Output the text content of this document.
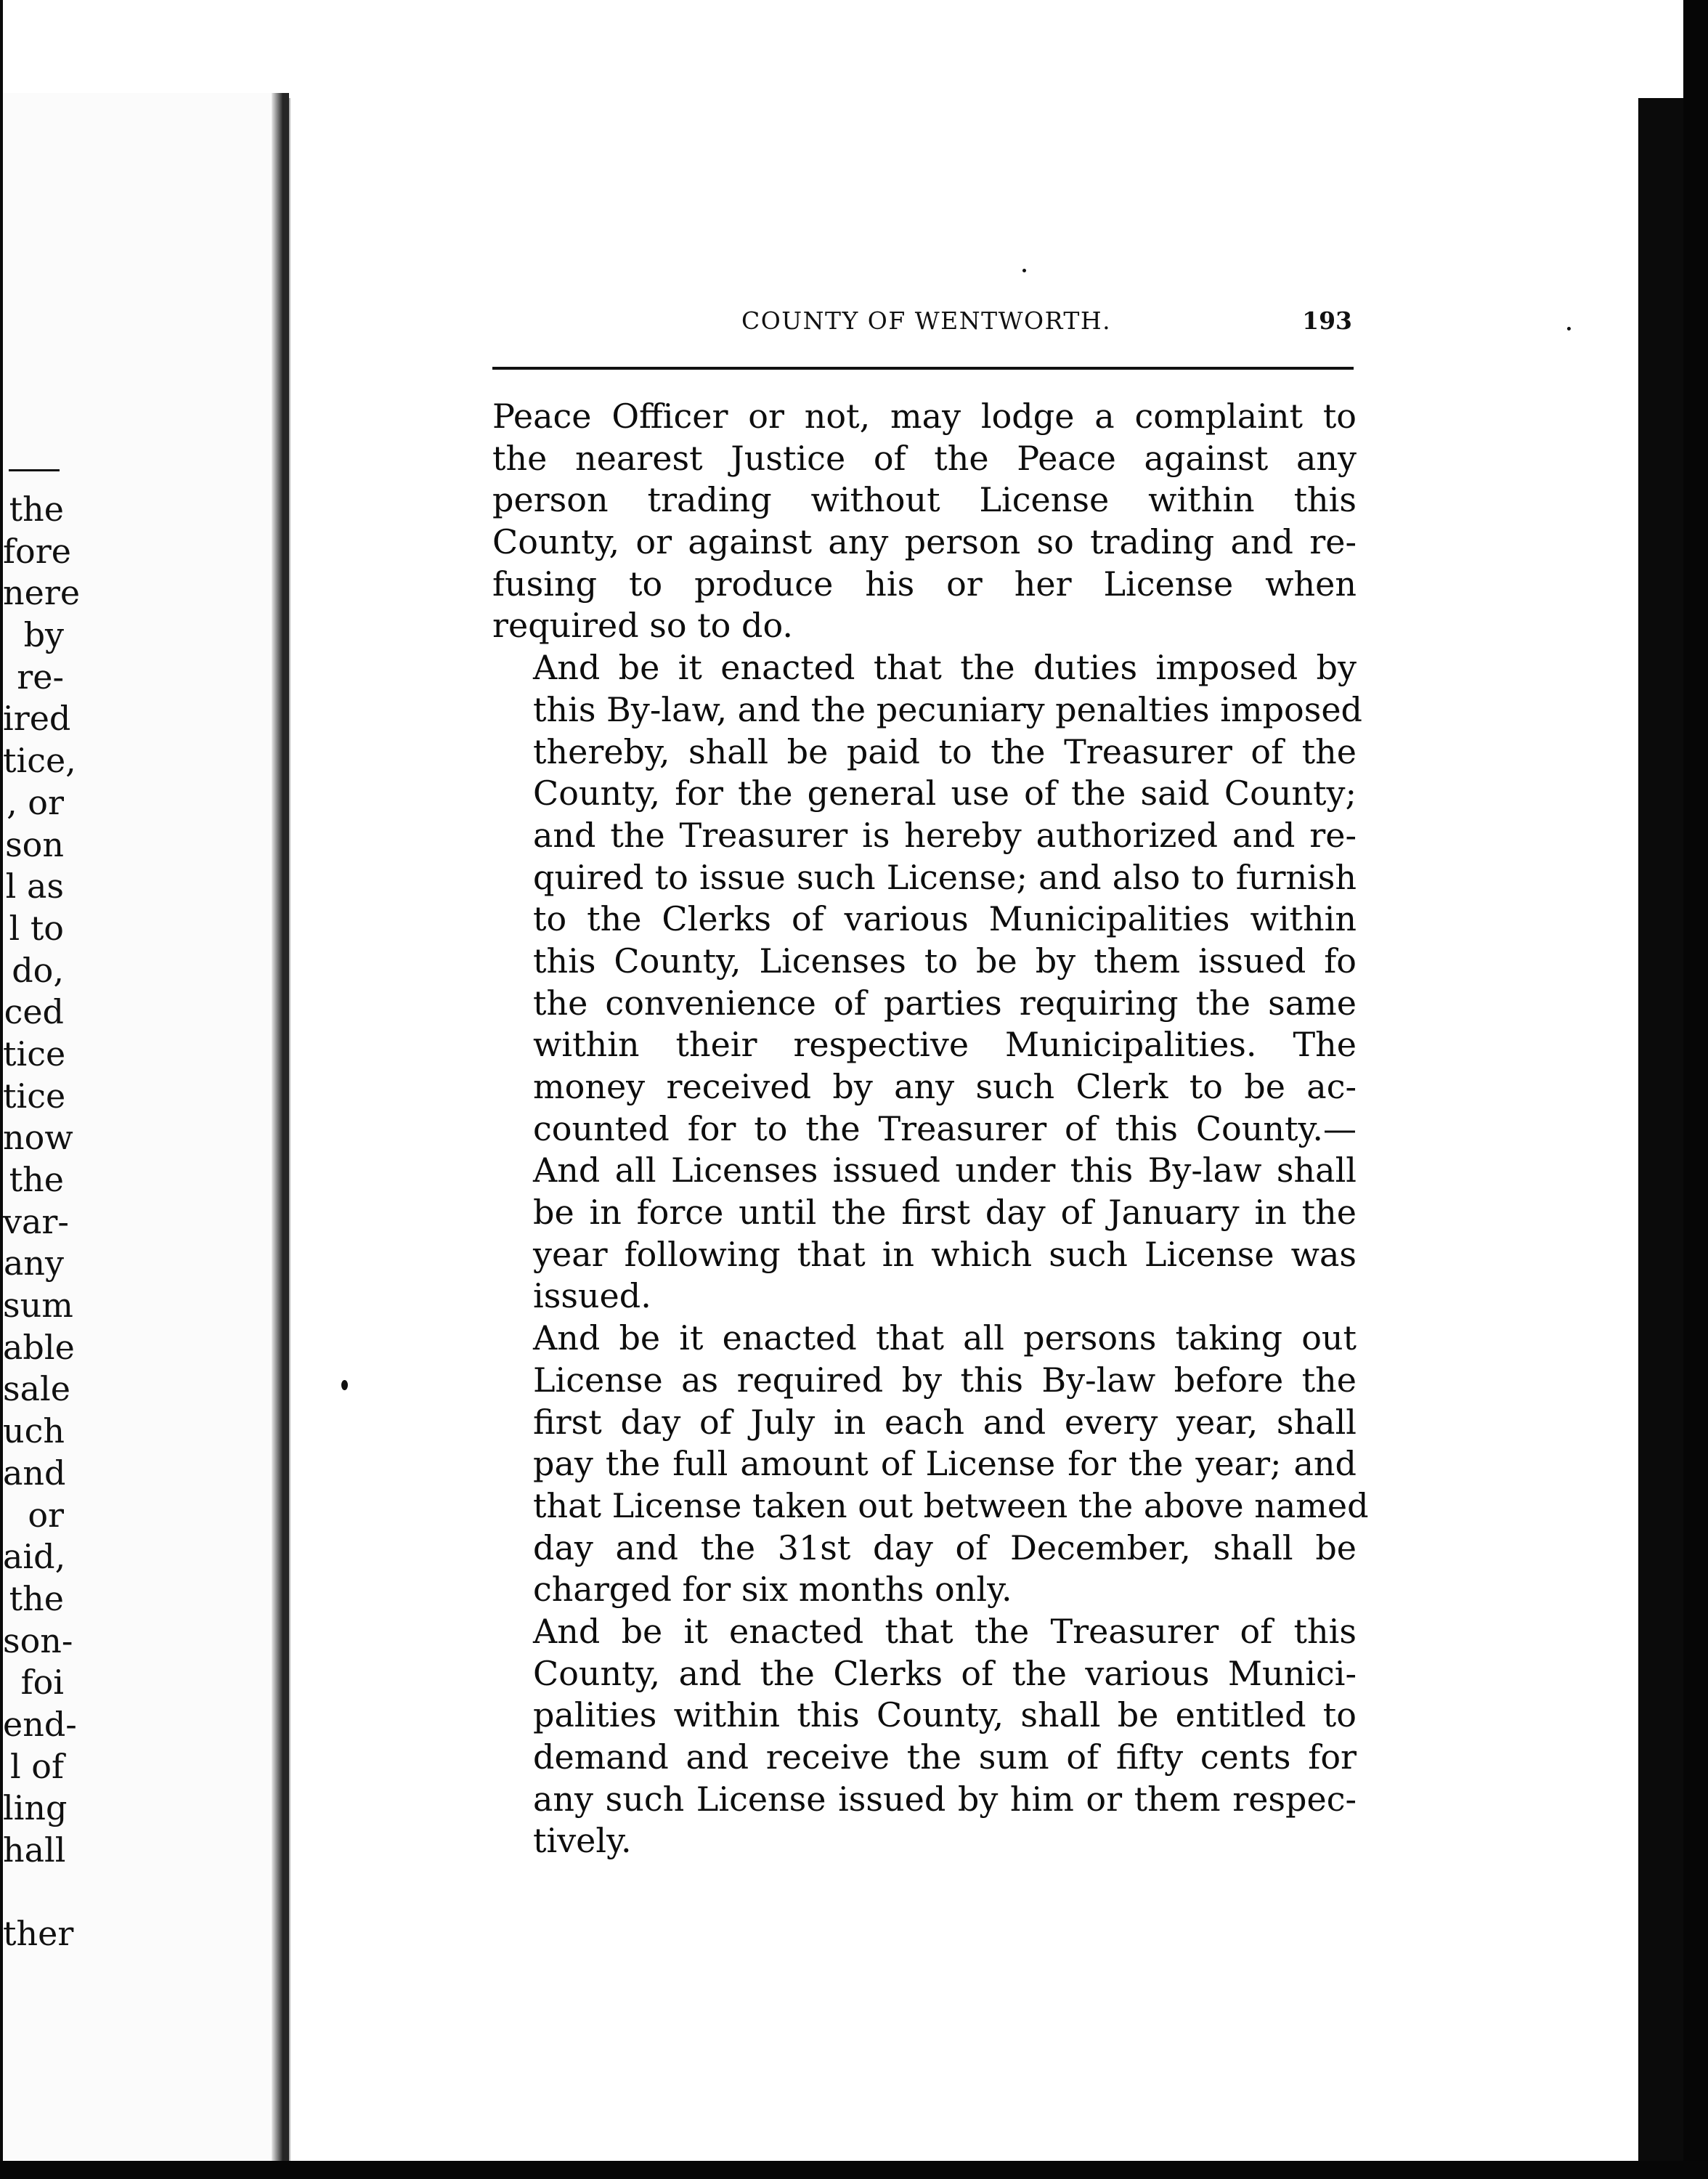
the
fore
nere
by
re-
ired
tice,
, or
son
l as
l to
do,
ced
tice
tice
now
the
var-
any
sum
able
sale
uch
and
or
aid,
the
son-
foi
end-
l of
ling
hall
ther
COUNTY OF WENTWORTH.	193

Peace Officer or not, may lodge a complaint to
the nearest Justice of the Peace against any
person trading without License within this
County, or against any person so trading and re-
fusing to produce his or her License when
required so to do.

And be it enacted that the duties imposed by
this By-law, and the pecuniary penalties imposed
thereby, shall be paid to the Treasurer of the
County, for the general use of the said County;
and the Treasurer is hereby authorized and re-
quired to issue such License; and also to furnish
to the Clerks of various Municipalities within
this County, Licenses to be by them issued fo
the convenience of parties requiring the same
within their respective Municipalities. The
money received by any such Clerk to be ac-
counted for to the Treasurer of this County.—
And all Licenses issued under this By-law shall
be in force until the first day of January in the
year following that in which such License was
issued.

And be it enacted that all persons taking out
License as required by this By-law before the
first day of July in each and every year, shall
pay the full amount of License for the year; and
that License taken out between the above named
day and the 31st day of December, shall be
charged for six months only.

And be it enacted that the Treasurer of this
County, and the Clerks of the various Munici-
palities within this County, shall be entitled to
demand and receive the sum of fifty cents for
any such License issued by him or them respec-
tively.
